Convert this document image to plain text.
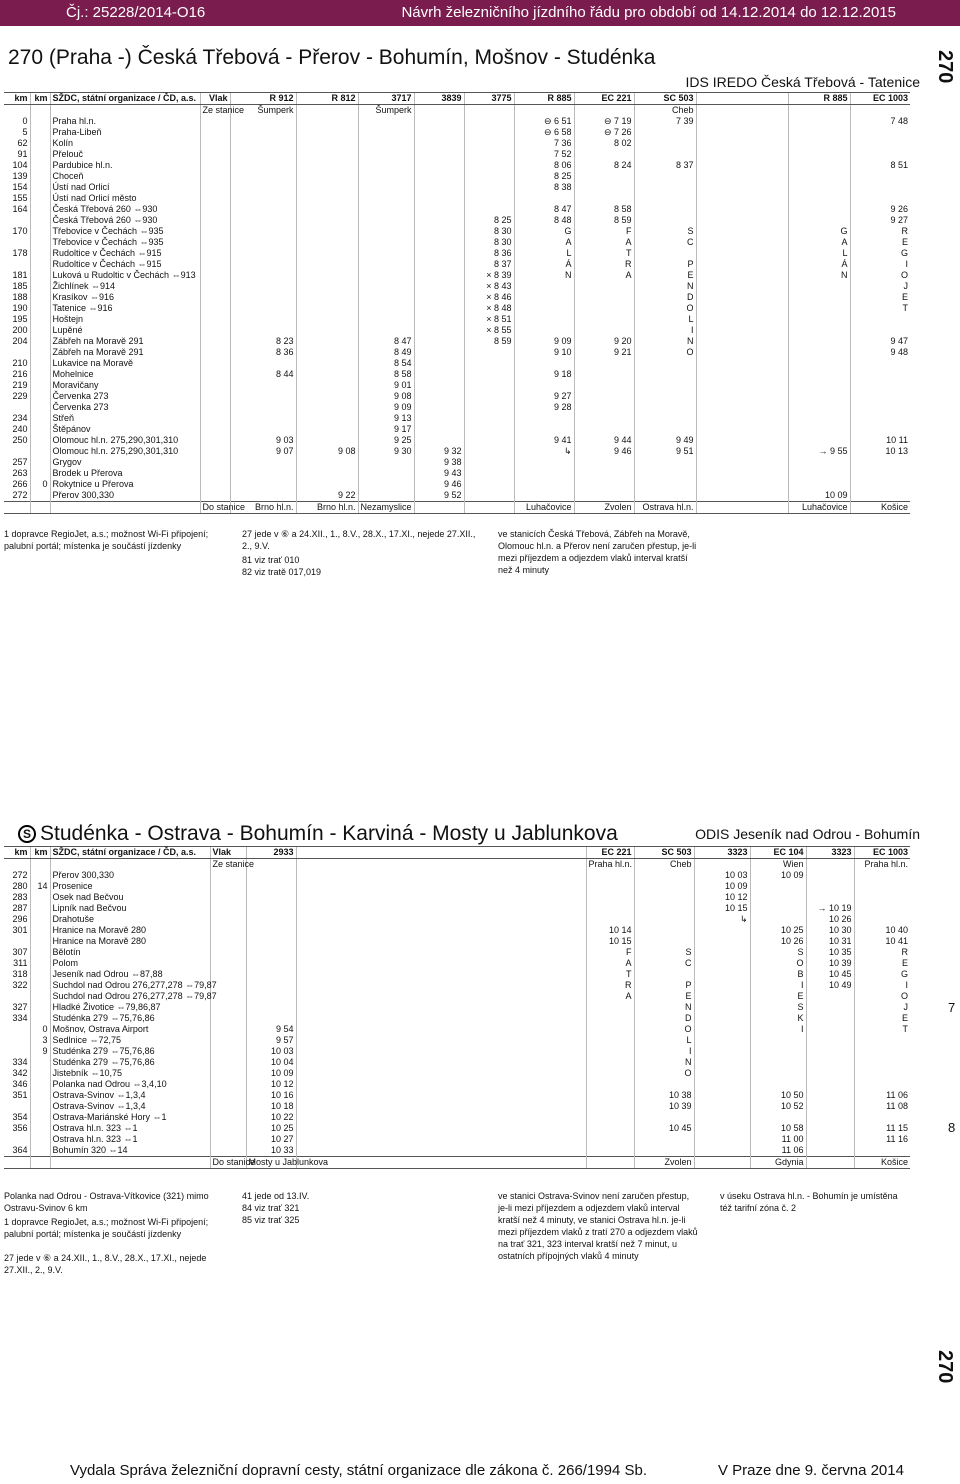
Čj.: 25228/2014-O16	Návrh železničního jízdního řádu pro období od 14.12.2014 do 12.12.2015
270
270
270 (Praha -) Česká Třebová - Přerov - Bohumín, Mošnov - Studénka
IDS IREDO Česká Třebová - Tatenice
km	km	SŽDC, státní organizace / ČD, a.s.		Vlak	R 912	R 812	3717	3839	3775	R 885	EC 221	SC 503		R 885	EC 1003
				Ze stanice	Šumperk		Šumperk					Cheb			
0		Praha hl.n.								⊖ 6 51	⊖ 7 19	7 39			7 48
5		Praha-Libeň								⊖ 6 58	⊖ 7 26				
62		Kolín								7 36	8 02				
91		Přelouč								7 52					
104		Pardubice hl.n.								8 06	8 24	8 37			8 51
139		Choceň								8 25					
154		Ústí nad Orlicí								8 38					
155		Ústí nad Orlicí město													
164		Česká Třebová 260 ⇔930								8 47	8 58				9 26
		Česká Třebová 260 ⇔930							8 25	8 48	8 59				9 27
170		Třebovice v Čechách ⇔935							8 30	G	F	S		G	R
		Třebovice v Čechách ⇔935							8 30	A	A	C		A	E
178		Rudoltice v Čechách ⇔915							8 36	L	T			L	G
		Rudoltice v Čechách ⇔915							8 37	Á	R	P		Á	I
181		Luková u Rudoltic v Čechách ⇔913							× 8 39	N	A	E		N	O
185		Žichlínek ⇔914							× 8 43			N			J
188		Krasíkov ⇔916							× 8 46			D			E
190		Tatenice ⇔916							× 8 48			O			T
195		Hoštejn							× 8 51			L			
200		Lupěné							× 8 55			I			
204		Zábřeh na Moravě 291			8 23		8 47		8 59	9 09	9 20	N			9 47
		Zábřeh na Moravě 291			8 36		8 49			9 10	9 21	O			9 48
210		Lukavice na Moravě					8 54								
216		Mohelnice			8 44		8 58			9 18					
219		Moravičany					9 01								
229		Červenka 273					9 08			9 27					
		Červenka 273					9 09			9 28					
234		Střeň					9 13								
240		Štěpánov					9 17								
250		Olomouc hl.n. 275,290,301,310			9 03		9 25			9 41	9 44	9 49			10 11
		Olomouc hl.n. 275,290,301,310			9 07	9 08	9 30	9 32		↳	9 46	9 51		→ 9 55	10 13
257		Grygov						9 38							
263		Brodek u Přerova						9 43							
266	0	Rokytnice u Přerova						9 46							
272		Přerov 300,330				9 22		9 52						10 09	
				Do stanice	Brno hl.n.	Brno hl.n.	Nezamyslice			Luhačovice	Zvolen	Ostrava hl.n.		Luhačovice	Košice
1 dopravce RegioJet, a.s.; možnost Wi-Fi připojení; palubní portál; místenka je součástí jízdenky
27 jede v ⑥ a 24.XII., 1., 8.V., 28.X., 17.XI., nejede 27.XII., 2., 9.V.
81 viz trať 010
82 viz tratě 017,019
ve stanicích Česká Třebová, Zábřeh na Moravě, Olomouc hl.n. a Přerov není zaručen přestup, je-li mezi příjezdem a odjezdem vlaků interval kratší než 4 minuty
7
S Studénka - Ostrava - Bohumín - Karviná - Mosty u Jablunkova	ODIS Jeseník nad Odrou - Bohumín
km	km	SŽDC, státní organizace / ČD, a.s.	Vlak	2933		EC 221	SC 503	3323	EC 104	3323	EC 1003
			Ze stanice			Praha hl.n.	Cheb		Wien		Praha hl.n.
272		Přerov 300,330						10 03	10 09		
280	14	Prosenice						10 09			
283		Osek nad Bečvou						10 12			
287		Lipník nad Bečvou						10 15		→ 10 19	
296		Drahotuše						↳		10 26	
301		Hranice na Moravě 280				10 14			10 25	10 30	10 40
		Hranice na Moravě 280				10 15			10 26	10 31	10 41
307		Bělotín				F	S		S	10 35	R
311		Polom				A	C		O	10 39	E
318		Jeseník nad Odrou ⇔87,88				T			B	10 45	G
322		Suchdol nad Odrou 276,277,278 ⇔79,87				R	P		I	10 49	I
		Suchdol nad Odrou 276,277,278 ⇔79,87				A	E		E		O
327		Hladké Životice ⇔79,86,87					N		S		J
334		Studénka 279 ⇔75,76,86					D		K		E
	0	Mošnov, Ostrava Airport		9 54			O		I		T
	3	Sedlnice ⇔72,75		9 57			L				
	9	Studénka 279 ⇔75,76,86		10 03			I				
334		Studénka 279 ⇔75,76,86		10 04			N				
342		Jistebník ⇔10,75		10 09			O				
346		Polanka nad Odrou ⇔3,4,10		10 12							
351		Ostrava-Svinov ⇔1,3,4		10 16			10 38		10 50		11 06
		Ostrava-Svinov ⇔1,3,4		10 18			10 39		10 52		11 08
354		Ostrava-Mariánské Hory ⇔1		10 22							
356		Ostrava hl.n. 323 ⇔1		10 25			10 45		10 58		11 15
		Ostrava hl.n. 323 ⇔1		10 27					11 00		11 16
364		Bohumín 320 ⇔14		10 33					11 06		
			Do stanice	Mosty u Jablunkova			Zvolen		Gdynia		Košice
Polanka nad Odrou - Ostrava-Vítkovice (321) mimo Ostravu-Svinov 6 km
1 dopravce RegioJet, a.s.; možnost Wi-Fi připojení; palubní portál; místenka je součástí jízdenky
27 jede v ⑥ a 24.XII., 1., 8.V., 28.X., 17.XI., nejede 27.XII., 2., 9.V.
41 jede od 13.IV.
84 viz trať 321
85 viz trať 325
ve stanici Ostrava-Svinov není zaručen přestup, je-li mezi příjezdem a odjezdem vlaků interval kratší než 4 minuty, ve stanici Ostrava hl.n. je-li mezi příjezdem vlaků z tratí 270 a odjezdem vlaků na trať 321, 323 interval kratší než 7 minut, u ostatních přípojných vlaků 4 minuty
v úseku Ostrava hl.n. - Bohumín je umístěna též tarifní zóna č. 2
8
Vydala Správa železniční dopravní cesty, státní organizace dle zákona č. 266/1994 Sb.	V Praze dne 9. června 2014
